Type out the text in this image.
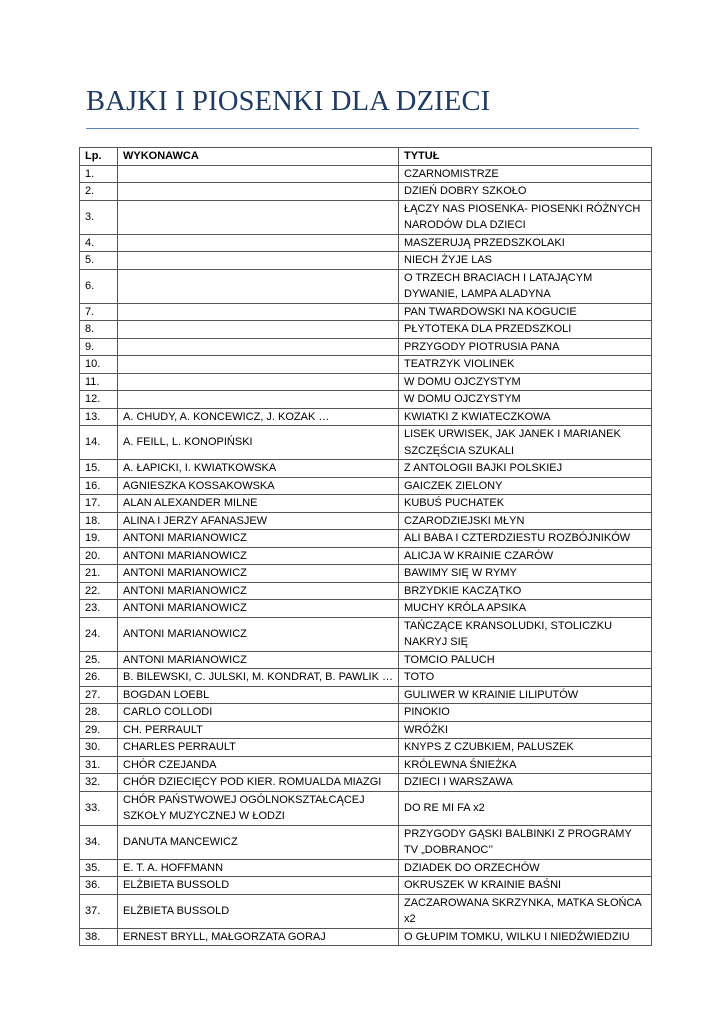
BAJKI I PIOSENKI DLA DZIECI
Lp.	WYKONAWCA	TYTUŁ
1.		CZARNOMISTRZE
2.		DZIEŃ DOBRY SZKOŁO
3.		ŁĄCZY NAS PIOSENKA- PIOSENKI RÓŻNYCH NARODÓW DLA DZIECI
4.		MASZERUJĄ PRZEDSZKOLAKI
5.		NIECH ŻYJE LAS
6.		O TRZECH BRACIACH I LATAJĄCYM DYWANIE, LAMPA ALADYNA
7.		PAN TWARDOWSKI NA KOGUCIE
8.		PŁYTOTEKA DLA PRZEDSZKOLI
9.		PRZYGODY PIOTRUSIA PANA
10.		TEATRZYK VIOLINEK
11.		W DOMU OJCZYSTYM
12.		W DOMU OJCZYSTYM
13.	A. CHUDY, A. KONCEWICZ, J. KOZAK …	KWIATKI Z KWIATECZKOWA
14.	A. FEILL, L. KONOPIŃSKI	LISEK URWISEK, JAK JANEK I MARIANEK SZCZĘŚCIA SZUKALI
15.	A. ŁAPICKI, I. KWIATKOWSKA	Z ANTOLOGII BAJKI POLSKIEJ
16.	AGNIESZKA KOSSAKOWSKA	GAICZEK ZIELONY
17.	ALAN ALEXANDER MILNE	KUBUŚ PUCHATEK
18.	ALINA I JERZY AFANASJEW	CZARODZIEJSKI MŁYN
19.	ANTONI MARIANOWICZ	ALI BABA I CZTERDZIESTU ROZBÓJNIKÓW
20.	ANTONI MARIANOWICZ	ALICJA W KRAINIE CZARÓW
21.	ANTONI MARIANOWICZ	BAWIMY SIĘ W RYMY
22.	ANTONI MARIANOWICZ	BRZYDKIE KACZĄTKO
23.	ANTONI MARIANOWICZ	MUCHY KRÓLA APSIKA
24.	ANTONI MARIANOWICZ	TAŃCZĄCE KRANSOLUDKI, STOLICZKU NAKRYJ SIĘ
25.	ANTONI MARIANOWICZ	TOMCIO PALUCH
26.	B. BILEWSKI, C. JULSKI, M. KONDRAT, B. PAWLIK …	TOTO
27.	BOGDAN LOEBL	GULIWER W KRAINIE LILIPUTÓW
28.	CARLO COLLODI	PINOKIO
29.	CH. PERRAULT	WRÓŻKI
30.	CHARLES PERRAULT	KNYPS Z CZUBKIEM, PALUSZEK
31.	CHÓR CZEJANDA	KRÓLEWNA ŚNIEŻKA
32.	CHÓR DZIECIĘCY POD KIER. ROMUALDA MIAZGI	DZIECI I WARSZAWA
33.	CHÓR PAŃSTWOWEJ OGÓLNOKSZTAŁCĄCEJ SZKOŁY MUZYCZNEJ W ŁODZI	DO RE MI FA x2
34.	DANUTA MANCEWICZ	PRZYGODY GĄSKI BALBINKI Z PROGRAMY TV „DOBRANOC’’
35.	E. T. A. HOFFMANN	DZIADEK DO ORZECHÓW
36.	ELŻBIETA BUSSOLD	OKRUSZEK W KRAINIE BAŚNI
37.	ELŻBIETA BUSSOLD	ZACZAROWANA SKRZYNKA, MATKA SŁOŃCA x2
38.	ERNEST BRYLL, MAŁGORZATA GORAJ	O GŁUPIM TOMKU, WILKU I NIEDŹWIEDZIU
